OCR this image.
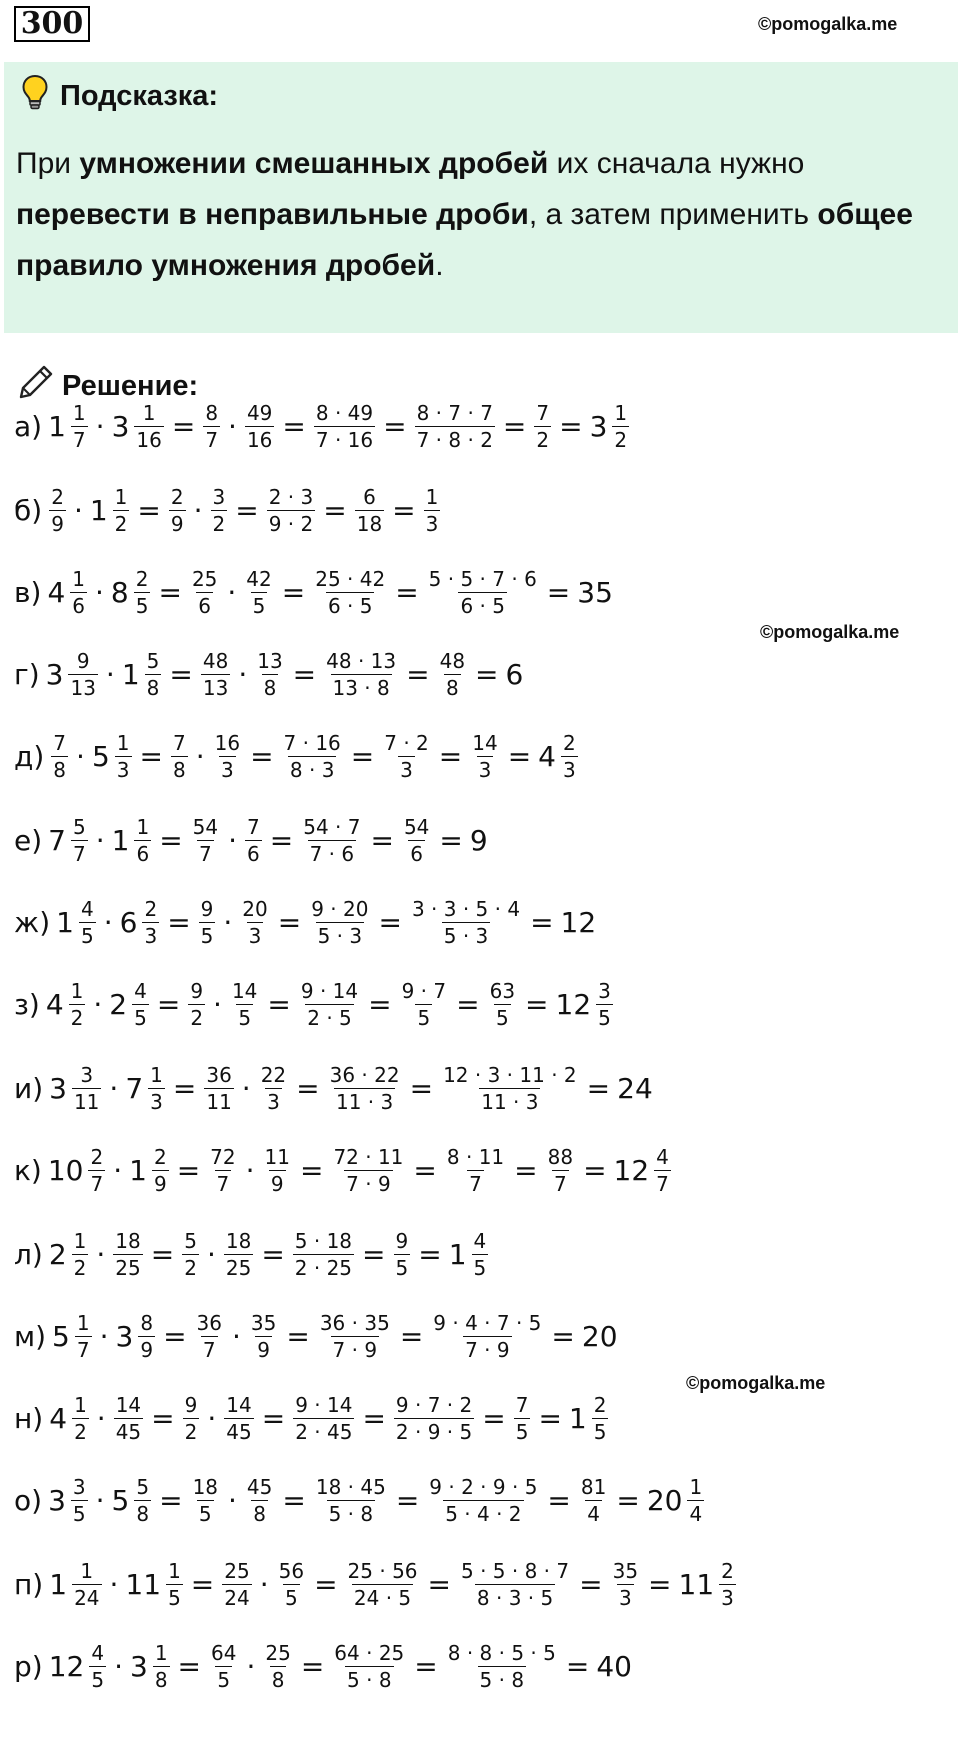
300	©pomogalka.me
Подсказка:
При умножении смешанных дробей их сначала нужно перевести в неправильные дроби, а затем применить общее правило умножения дробей.
Решение:
а) $1 \frac{1}{7} \cdot 3 \frac{1}{16} = \frac{8}{7} \cdot \frac{49}{16} = \frac{8 \cdot 49}{7 \cdot 16} = \frac{8 \cdot 7 \cdot 7}{7 \cdot 8 \cdot 2} = \frac{7}{2} = 3 \frac{1}{2}$
$б) \frac{2}{9} \cdot 1 \frac{1}{2} = \frac{2}{9} \cdot \frac{3}{2} = \frac{2 \cdot 3}{9 \cdot 2} = \frac{6}{18} = \frac{1}{3}$
в) $4 \frac{1}{6} \cdot 8 \frac{2}{5} = \frac{25}{6} \cdot \frac{42}{5} = \frac{25 \cdot 42}{6 \cdot 5} = \frac{5 \cdot 5 \cdot 7 \cdot 6}{6 \cdot 5} = 35$
г) $3 \frac{9}{13} \cdot 1 \frac{5}{8} = \frac{48}{13} \cdot \frac{13}{8} = \frac{48 \cdot 13}{13 \cdot 8} = \frac{48}{8} = 6$
$д) \frac{7}{8} \cdot 5 \frac{1}{3} = \frac{7}{8} \cdot \frac{16}{3} = \frac{7 \cdot 16}{8 \cdot 3} = \frac{7 \cdot 2}{3} = \frac{14}{3} = 4 \frac{2}{3}$
е) $7 \frac{5}{7} \cdot 1 \frac{1}{6} = \frac{54}{7} \cdot \frac{7}{6} = \frac{54 \cdot 7}{7 \cdot 6} = \frac{54}{6} = 9$
ж) $1 \frac{4}{5} \cdot 6 \frac{2}{3} = \frac{9}{5} \cdot \frac{20}{3} = \frac{9 \cdot 20}{5 \cdot 3} = \frac{3 \cdot 3 \cdot 5 \cdot 4}{5 \cdot 3} = 12$
з) $4 \frac{1}{2} \cdot 2 \frac{4}{5} = \frac{9}{2} \cdot \frac{14}{5} = \frac{9 \cdot 14}{2 \cdot 5} = \frac{9 \cdot 7}{5} = \frac{63}{5} = 12 \frac{3}{5}$
и) $3 \frac{3}{11} \cdot 7 \frac{1}{3} = \frac{36}{11} \cdot \frac{22}{3} = \frac{36 \cdot 22}{11 \cdot 3} = \frac{12 \cdot 3 \cdot 11 \cdot 2}{11 \cdot 3} = 24$
к) $10 \frac{2}{7} \cdot 1 \frac{2}{9} = \frac{72}{7} \cdot \frac{11}{9} = \frac{72 \cdot 11}{7 \cdot 9} = \frac{8 \cdot 11}{7} = \frac{88}{7} = 12 \frac{4}{7}$
л) $2 \frac{1}{2} \cdot \frac{18}{25} = \frac{5}{2} \cdot \frac{18}{25} = \frac{5 \cdot 18}{2 \cdot 25} = \frac{9}{5} = 1 \frac{4}{5}$
м) $5 \frac{1}{7} \cdot 3 \frac{8}{9} = \frac{36}{7} \cdot \frac{35}{9} = \frac{36 \cdot 35}{7 \cdot 9} = \frac{9 \cdot 4 \cdot 7 \cdot 5}{7 \cdot 9} = 20$
н) $4 \frac{1}{2} \cdot \frac{14}{45} = \frac{9}{2} \cdot \frac{14}{45} = \frac{9 \cdot 14}{2 \cdot 45} = \frac{9 \cdot 7 \cdot 2}{2 \cdot 9 \cdot 5} = \frac{7}{5} = 1 \frac{2}{5}$
о) $3 \frac{3}{5} \cdot 5 \frac{5}{8} = \frac{18}{5} \cdot \frac{45}{8} = \frac{18 \cdot 45}{5 \cdot 8} = \frac{9 \cdot 2 \cdot 9 \cdot 5}{5 \cdot 4 \cdot 2} = \frac{81}{4} = 20 \frac{1}{4}$
п) $1 \frac{1}{24} \cdot 11 \frac{1}{5} = \frac{25}{24} \cdot \frac{56}{5} = \frac{25 \cdot 56}{24 \cdot 5} = \frac{5 \cdot 5 \cdot 8 \cdot 7}{8 \cdot 3 \cdot 5} = \frac{35}{3} = 11 \frac{2}{3}$
р) $12 \frac{4}{5} \cdot 3 \frac{1}{8} = \frac{64}{5} \cdot \frac{25}{8} = \frac{64 \cdot 25}{5 \cdot 8} = \frac{8 \cdot 8 \cdot 5 \cdot 5}{5 \cdot 8} = 40$
©pomogalka.me
©pomogalka.me
